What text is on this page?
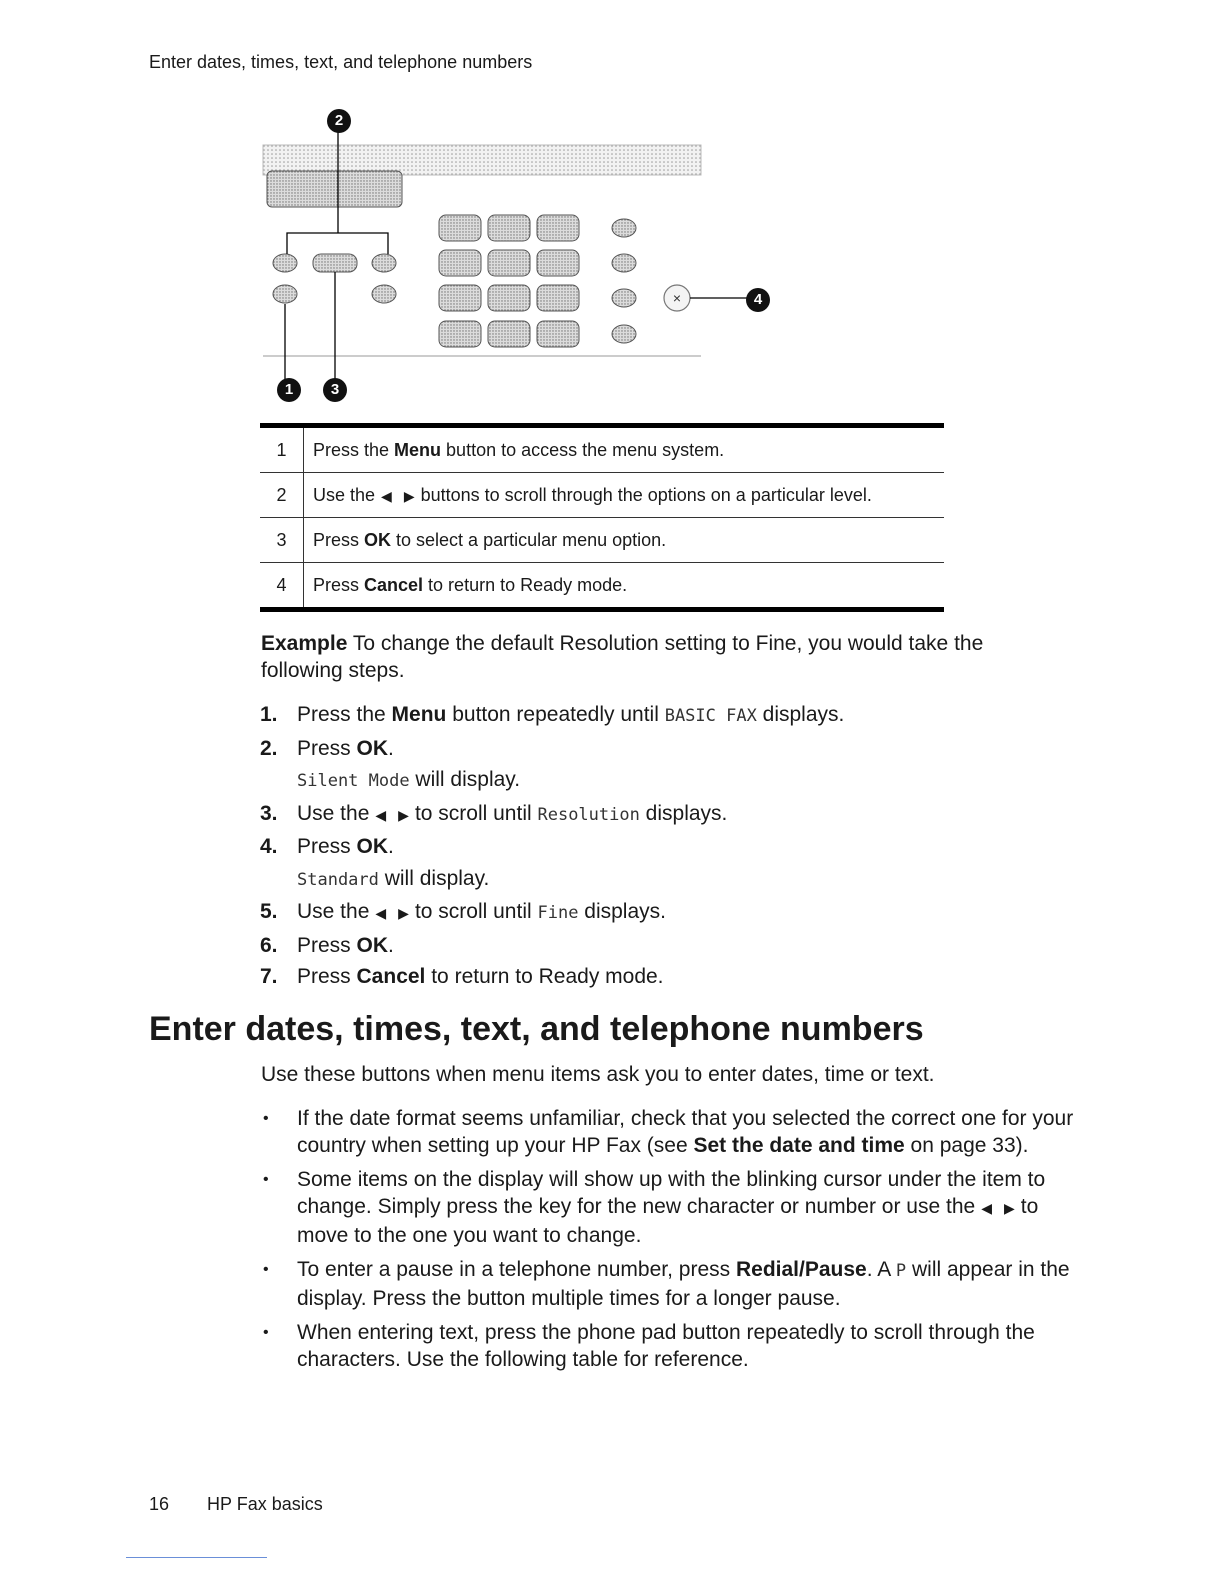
Enter dates, times, text, and telephone numbers
×
2
4
1	3
1	Press the Menu button to access the menu system.
2	Use the ◀ ▶ buttons to scroll through the options on a particular level.
3	Press OK to select a particular menu option.
4	Press Cancel to return to Ready mode.
Example To change the default Resolution setting to Fine, you would take the following steps.
1. Press the Menu button repeatedly until BASIC FAX displays.
2. Press OK.
Silent Mode will display.
3. Use the ◀ ▶ to scroll until Resolution displays.
4. Press OK.
Standard will display.
5. Use the ◀ ▶ to scroll until Fine displays.
6. Press OK.
7. Press Cancel to return to Ready mode.
Enter dates, times, text, and telephone numbers
Use these buttons when menu items ask you to enter dates, time or text.
• If the date format seems unfamiliar, check that you selected the correct one for your country when setting up your HP Fax (see Set the date and time on page 33).
• Some items on the display will show up with the blinking cursor under the item to change. Simply press the key for the new character or number or use the ◀ ▶ to move to the one you want to change.
• To enter a pause in a telephone number, press Redial/Pause. A P will appear in the display. Press the button multiple times for a longer pause.
• When entering text, press the phone pad button repeatedly to scroll through the characters. Use the following table for reference.
16 HP Fax basics
